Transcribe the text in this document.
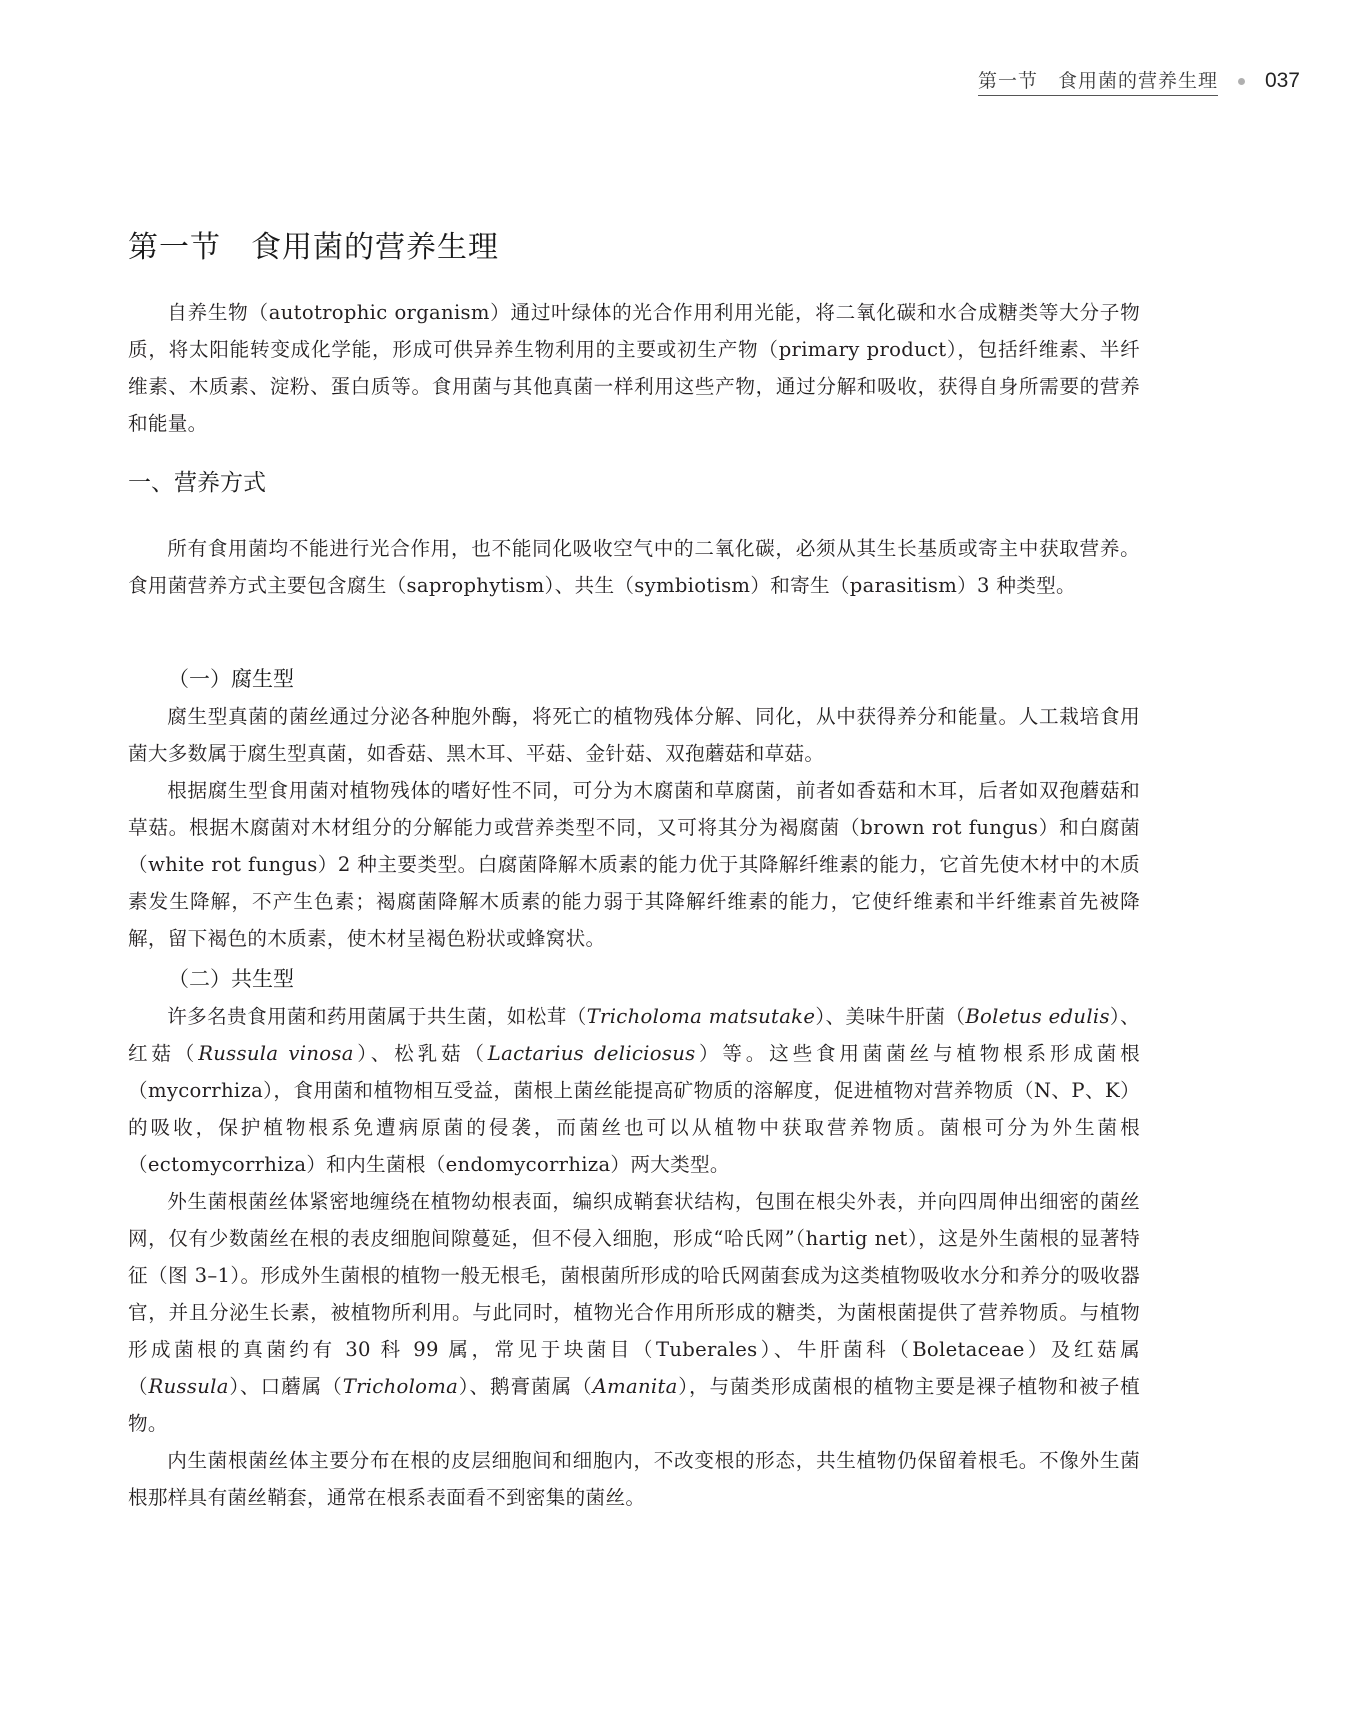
第一节　食用菌的营养生理 037
第一节 食用菌的营养生理

自养生物（autotrophic organism）通过叶绿体的光合作用利用光能，将二氧化碳和水合成糖类等大分子物质，将太阳能转变成化学能，形成可供异养生物利用的主要或初生产物（primary product），包括纤维素、半纤维素、木质素、淀粉、蛋白质等。食用菌与其他真菌一样利用这些产物，通过分解和吸收，获得自身所需要的营养和能量。

一、营养方式

所有食用菌均不能进行光合作用，也不能同化吸收空气中的二氧化碳，必须从其生长基质或寄主中获取营养。食用菌营养方式主要包含腐生（saprophytism）、共生（symbiotism）和寄生（parasitism）3 种类型。

（一）腐生型

腐生型真菌的菌丝通过分泌各种胞外酶，将死亡的植物残体分解、同化，从中获得养分和能量。人工栽培食用菌大多数属于腐生型真菌，如香菇、黑木耳、平菇、金针菇、双孢蘑菇和草菇。

根据腐生型食用菌对植物残体的嗜好性不同，可分为木腐菌和草腐菌，前者如香菇和木耳，后者如双孢蘑菇和草菇。根据木腐菌对木材组分的分解能力或营养类型不同，又可将其分为褐腐菌（brown rot fungus）和白腐菌（white rot fungus）2 种主要类型。白腐菌降解木质素的能力优于其降解纤维素的能力，它首先使木材中的木质素发生降解，不产生色素；褐腐菌降解木质素的能力弱于其降解纤维素的能力，它使纤维素和半纤维素首先被降解，留下褐色的木质素，使木材呈褐色粉状或蜂窝状。

（二）共生型

许多名贵食用菌和药用菌属于共生菌，如松茸（Tricholoma matsutake）、美味牛肝菌（Boletus edulis）、红菇（Russula vinosa）、松乳菇（Lactarius deliciosus）等。这些食用菌菌丝与植物根系形成菌根（mycorrhiza），食用菌和植物相互受益，菌根上菌丝能提高矿物质的溶解度，促进植物对营养物质（N、P、K）的吸收，保护植物根系免遭病原菌的侵袭，而菌丝也可以从植物中获取营养物质。菌根可分为外生菌根（ectomycorrhiza）和内生菌根（endomycorrhiza）两大类型。

外生菌根菌丝体紧密地缠绕在植物幼根表面，编织成鞘套状结构，包围在根尖外表，并向四周伸出细密的菌丝网，仅有少数菌丝在根的表皮细胞间隙蔓延，但不侵入细胞，形成“哈氏网”（hartig net），这是外生菌根的显著特征（图 3–1）。形成外生菌根的植物一般无根毛，菌根菌所形成的哈氏网菌套成为这类植物吸收水分和养分的吸收器官，并且分泌生长素，被植物所利用。与此同时，植物光合作用所形成的糖类，为菌根菌提供了营养物质。与植物形成菌根的真菌约有 30 科 99 属，常见于块菌目（Tuberales）、牛肝菌科（Boletaceae）及红菇属（Russula）、口蘑属（Tricholoma）、鹅膏菌属（Amanita），与菌类形成菌根的植物主要是裸子植物和被子植物。

内生菌根菌丝体主要分布在根的皮层细胞间和细胞内，不改变根的形态，共生植物仍保留着根毛。不像外生菌根那样具有菌丝鞘套，通常在根系表面看不到密集的菌丝。
